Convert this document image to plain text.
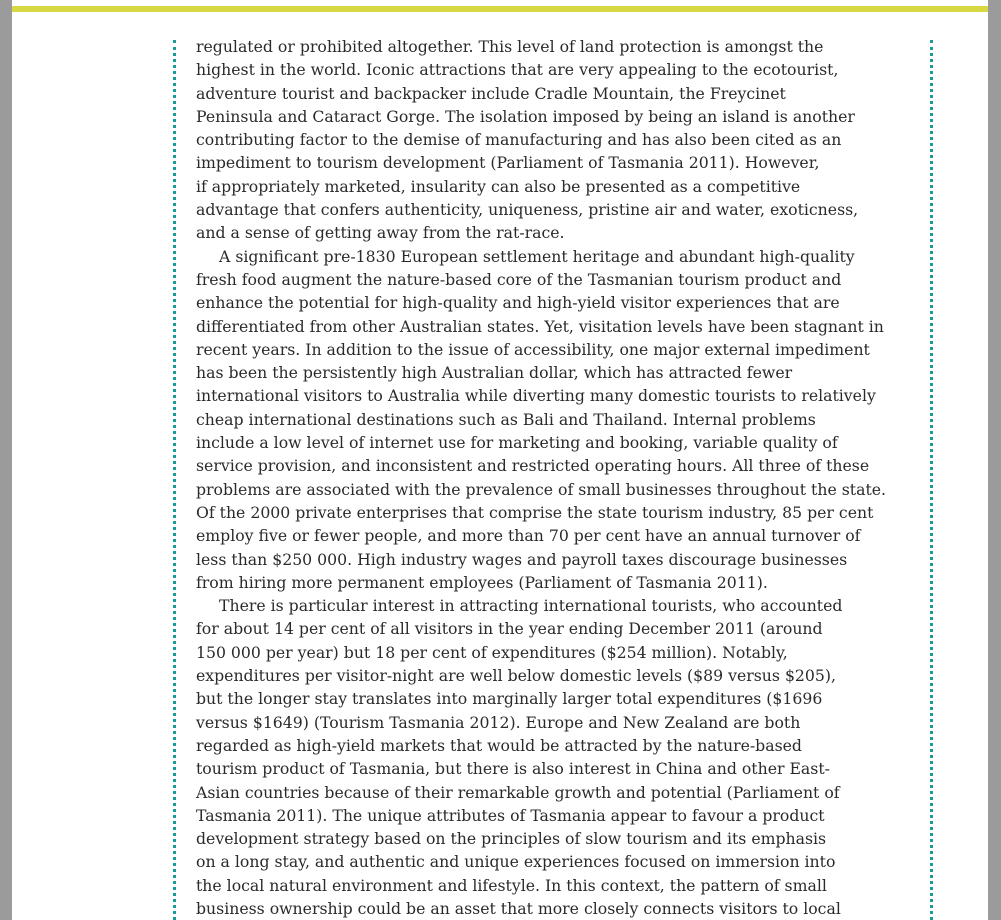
regulated or prohibited altogether. This level of land protection is amongst the
highest in the world. Iconic attractions that are very appealing to the ecotourist,
adventure tourist and backpacker include Cradle Mountain, the Freycinet
Peninsula and Cataract Gorge. The isolation imposed by being an island is another
contributing factor to the demise of manufacturing and has also been cited as an
impediment to tourism development (Parliament of Tasmania 2011). However,
if appropriately marketed, insularity can also be presented as a competitive
advantage that confers authenticity, uniqueness, pristine air and water, exoticness,
and a sense of getting away from the rat-race.
A significant pre-1830 European settlement heritage and abundant high-quality
fresh food augment the nature-based core of the Tasmanian tourism product and
enhance the potential for high-quality and high-yield visitor experiences that are
differentiated from other Australian states. Yet, visitation levels have been stagnant in
recent years. In addition to the issue of accessibility, one major external impediment
has been the persistently high Australian dollar, which has attracted fewer
international visitors to Australia while diverting many domestic tourists to relatively
cheap international destinations such as Bali and Thailand. Internal problems
include a low level of internet use for marketing and booking, variable quality of
service provision, and inconsistent and restricted operating hours. All three of these
problems are associated with the prevalence of small businesses throughout the state.
Of the 2000 private enterprises that comprise the state tourism industry, 85 per cent
employ five or fewer people, and more than 70 per cent have an annual turnover of
less than $250 000. High industry wages and payroll taxes discourage businesses
from hiring more permanent employees (Parliament of Tasmania 2011).
There is particular interest in attracting international tourists, who accounted
for about 14 per cent of all visitors in the year ending December 2011 (around
150 000 per year) but 18 per cent of expenditures ($254 million). Notably,
expenditures per visitor-night are well below domestic levels ($89 versus $205),
but the longer stay translates into marginally larger total expenditures ($1696
versus $1649) (Tourism Tasmania 2012). Europe and New Zealand are both
regarded as high-yield markets that would be attracted by the nature-based
tourism product of Tasmania, but there is also interest in China and other East-
Asian countries because of their remarkable growth and potential (Parliament of
Tasmania 2011). The unique attributes of Tasmania appear to favour a product
development strategy based on the principles of slow tourism and its emphasis
on a long stay, and authentic and unique experiences focused on immersion into
the local natural environment and lifestyle. In this context, the pattern of small
business ownership could be an asset that more closely connects visitors to local
